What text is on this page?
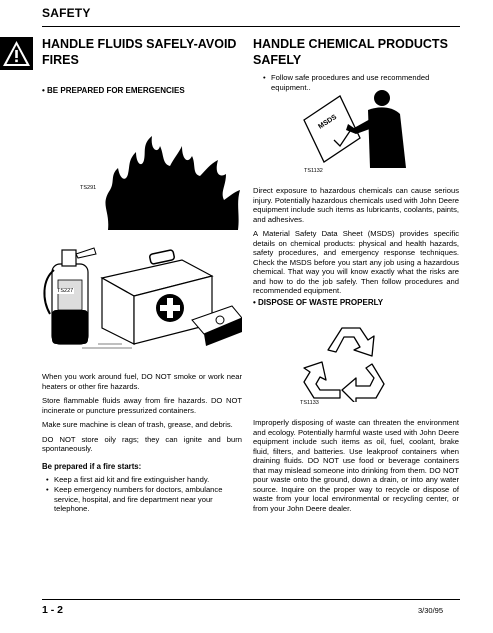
SAFETY
HANDLE FLUIDS SAFELY-AVOID FIRES
• BE PREPARED FOR EMERGENCIES
TS291
TS227

When you work around fuel, DO NOT smoke or work near heaters or other fire hazards.

Store flammable fluids away from fire hazards. DO NOT incinerate or puncture pressurized containers.

Make sure machine is clean of trash, grease, and debris.

DO NOT store oily rags; they can ignite and burn spontaneously.

Be prepared if a fire starts:
• Keep a first aid kit and fire extinguisher handy.
• Keep emergency numbers for doctors, ambulance service, hospital, and fire department near your telephone.
HANDLE CHEMICAL PRODUCTS SAFELY
• Follow safe procedures and use recommended equipment..
MSDS
TS1132

Direct exposure to hazardous chemicals can cause serious injury. Potentially hazardous chemicals used with John Deere equipment include such items as lubricants, coolants, paints, and adhesives.

A Material Safety Data Sheet (MSDS) provides specific details on chemical products: physical and health hazards, safety procedures, and emergency response techniques. Check the MSDS before you start any job using a hazardous chemical. That way you will know exactly what the risks are and how to do the job safely. Then follow procedures and recommended equipment.

• DISPOSE OF WASTE PROPERLY
TS1133

Improperly disposing of waste can threaten the environment and ecology. Potentially harmful waste used with John Deere equipment include such items as oil, fuel, coolant, brake fluid, filters, and batteries. Use leakproof containers when draining fluids. DO NOT use food or beverage containers that may mislead someone into drinking from them. DO NOT pour waste onto the ground, down a drain, or into any water source. Inquire on the proper way to recycle or dispose of waste from your local environmental or recycling center, or from your John Deere dealer.

1 - 2	3/30/95
